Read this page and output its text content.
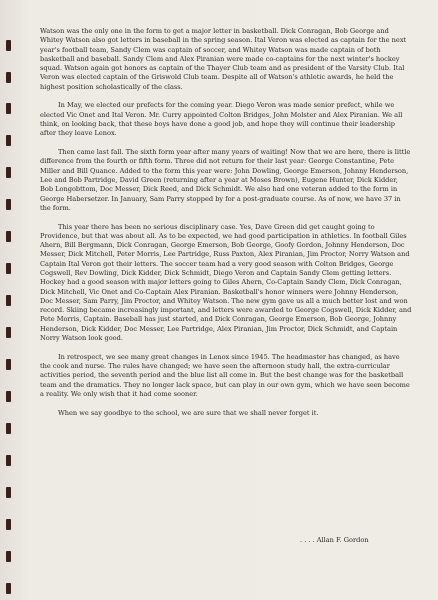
Watson was the only one in the form to get a major letter in basketball. Dick Conragan, Bob George and Whitey Watson also got letters in baseball in the spring season. Ital Veron was elected as captain for the next year's football team, Sandy Clem was captain of soccer, and Whitey Watson was made captain of both basketball and baseball. Sandy Clem and Alex Piranian were made co-captains for the next winter's hockey squad. Watson again got honors as captain of the Thayer Club team and as president of the Varsity Club. Ital Veron was elected captain of the Griswold Club team. Despite all of Watson's athletic awards, he held the highest position scholastically of the class.

In May, we elected our prefects for the coming year. Diego Veron was made senior prefect, while we elected Vic Onet and Ital Veron. Mr. Curry appointed Colton Bridges, John Molster and Alex Piranian. We all think, on looking back, that these boys have done a good job, and hope they will continue their leadership after they leave Lenox.

Then came last fall. The sixth form year after many years of waiting! Now that we are here, there is little difference from the fourth or fifth form. Three did not return for their last year: George Constantine, Pete Miller and Bill Quance. Added to the form this year were: John Dowling, George Emerson, Johnny Henderson, Lee and Bob Partridge, David Green (returning after a year at Moses Brown), Eugene Hunter, Dick Kidder, Bob Longobttom, Doc Messer, Dick Reed, and Dick Schmidt. We also had one veteran added to the form in George Habersetzer. In January, Sam Parry stopped by for a post-graduate course. As of now, we have 37 in the form.

This year there has been no serious disciplinary case. Yes, Dave Green did get caught going to Providence, but that was about all. As to be expected, we had good participation in athletics. In football Giles Ahern, Bill Bergmann, Dick Conragan, George Emerson, Bob George, Goofy Gordon, Johnny Henderson, Doc Messer, Dick Mitchell, Peter Morris, Lee Partridge, Russ Paxton, Alex Piranian, Jim Proctor, Norry Watson and Captain Ital Veron got their letters. The soccer team had a very good season with Colton Bridges, George Cogswell, Rev Dowling, Dick Kidder, Dick Schmidt, Diego Veron and Captain Sandy Clem getting letters. Hockey had a good season with major letters going to Giles Ahern, Co-Captain Sandy Clem, Dick Conragan, Dick Mitchell, Vic Onet and Co-Captain Alex Piranian. Basketball's honor winners were Johnny Henderson, Doc Messer, Sam Parry, Jim Proctor, and Whitey Watson. The new gym gave us all a much better lost and won record. Skiing became increasingly important, and letters were awarded to George Cogswell, Dick Kidder, and Pete Morris, Captain. Baseball has just started, and Dick Conragan, George Emerson, Bob George, Johnny Henderson, Dick Kidder, Doc Messer, Lee Partridge, Alex Piranian, Jim Proctor, Dick Schmidt, and Captain Norry Watson look good.

In retrospect, we see many great changes in Lenox since 1945. The headmaster has changed, as have the cook and nurse. The rules have changed; we have seen the afternoon study hall, the extra-curricular activities period, the seventh period and the blue list all come in. But the best change was for the basketball team and the dramatics. They no longer lack space, but can play in our own gym, which we have seen become a reality. We only wish that it had come sooner.

When we say goodbye to the school, we are sure that we shall never forget it.

. . . . Allan F. Gordon
